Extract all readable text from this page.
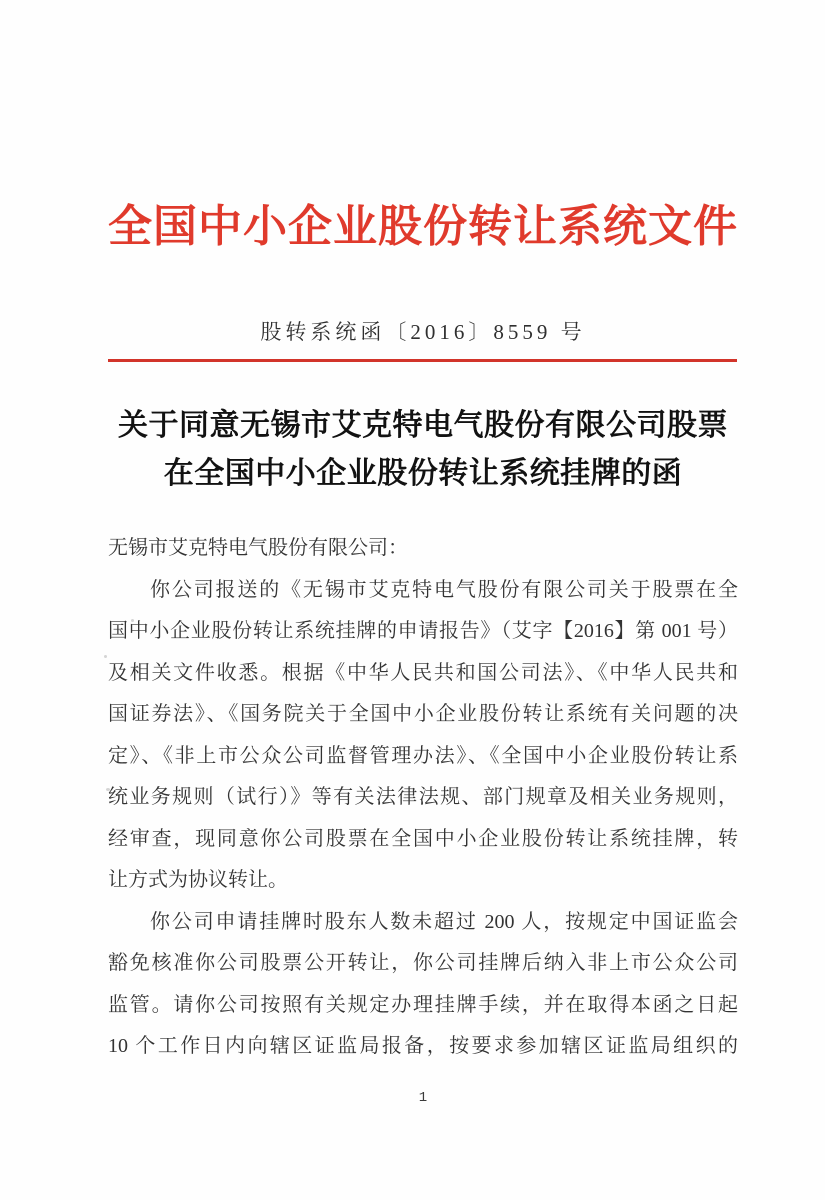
全国中小企业股份转让系统文件
股转系统函〔2016〕8559 号
关于同意无锡市艾克特电气股份有限公司股票
在全国中小企业股份转让系统挂牌的函
无锡市艾克特电气股份有限公司：
你公司报送的《无锡市艾克特电气股份有限公司关于股票在全
国中小企业股份转让系统挂牌的申请报告》（艾字【2016】第 001 号）
及相关文件收悉。根据《中华人民共和国公司法》、《中华人民共和
国证券法》、《国务院关于全国中小企业股份转让系统有关问题的决
定》、《非上市公众公司监督管理办法》、《全国中小企业股份转让系
统业务规则（试行）》等有关法律法规、部门规章及相关业务规则，
经审查，现同意你公司股票在全国中小企业股份转让系统挂牌，转
让方式为协议转让。
你公司申请挂牌时股东人数未超过 200 人，按规定中国证监会
豁免核准你公司股票公开转让，你公司挂牌后纳入非上市公众公司
监管。请你公司按照有关规定办理挂牌手续，并在取得本函之日起
10 个工作日内向辖区证监局报备，按要求参加辖区证监局组织的
1
